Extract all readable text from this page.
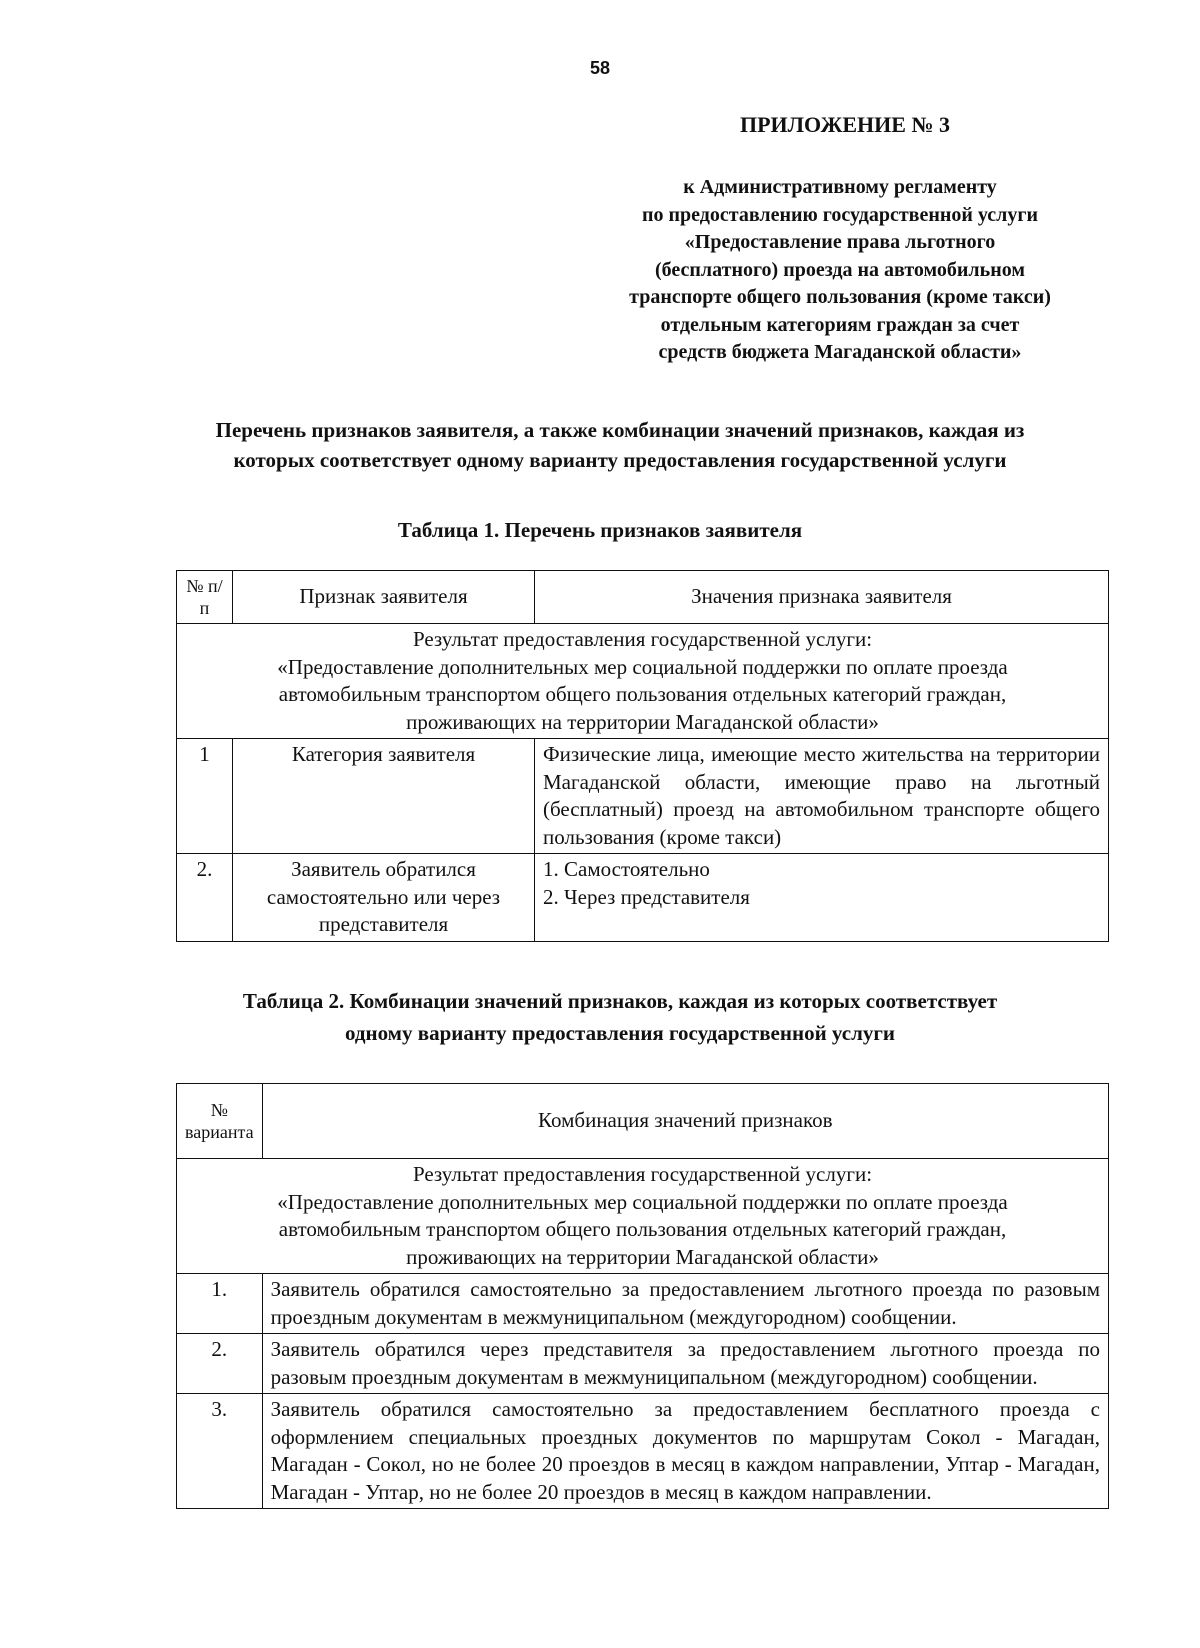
58
ПРИЛОЖЕНИЕ № 3
к Административному регламенту
по предоставлению государственной услуги
«Предоставление права льготного
(бесплатного) проезда на автомобильном
транспорте общего пользования (кроме такси)
отдельным категориям граждан за счет
средств бюджета Магаданской области»
Перечень признаков заявителя, а также комбинации значений признаков, каждая из
которых соответствует одному варианту предоставления государственной услуги
Таблица 1. Перечень признаков заявителя
№ п/п	Признак заявителя	Значения признака заявителя

Результат предоставления государственной услуги:
«Предоставление дополнительных мер социальной поддержки по оплате проезда
автомобильным транспортом общего пользования отдельных категорий граждан,
проживающих на территории Магаданской области»		

1	Категория заявителя	Физические лица, имеющие место жительства на территории Магаданской области, имеющие право на льготный (бесплатный) проезд на автомобильном транспорте общего пользования (кроме такси)
2.	Заявитель обратился самостоятельно или через представителя	1. Самостоятельно
2. Через представителя
Таблица 2. Комбинации значений признаков, каждая из которых соответствует
одному варианту предоставления государственной услуги
№ варианта	Комбинация значений признаков

Результат предоставления государственной услуги:
«Предоставление дополнительных мер социальной поддержки по оплате проезда
автомобильным транспортом общего пользования отдельных категорий граждан,
проживающих на территории Магаданской области»	

1.	Заявитель обратился самостоятельно за предоставлением льготного проезда по разовым проездным документам в межмуниципальном (междугородном) сообщении.
2.	Заявитель обратился через представителя за предоставлением льготного проезда по разовым проездным документам в межмуниципальном (междугородном) сообщении.
3.	Заявитель обратился самостоятельно за предоставлением бесплатного проезда с оформлением специальных проездных документов по маршрутам Сокол - Магадан, Магадан - Сокол, но не более 20 проездов в месяц в каждом направлении, Уптар - Магадан, Магадан - Уптар, но не более 20 проездов в месяц в каждом направлении.
